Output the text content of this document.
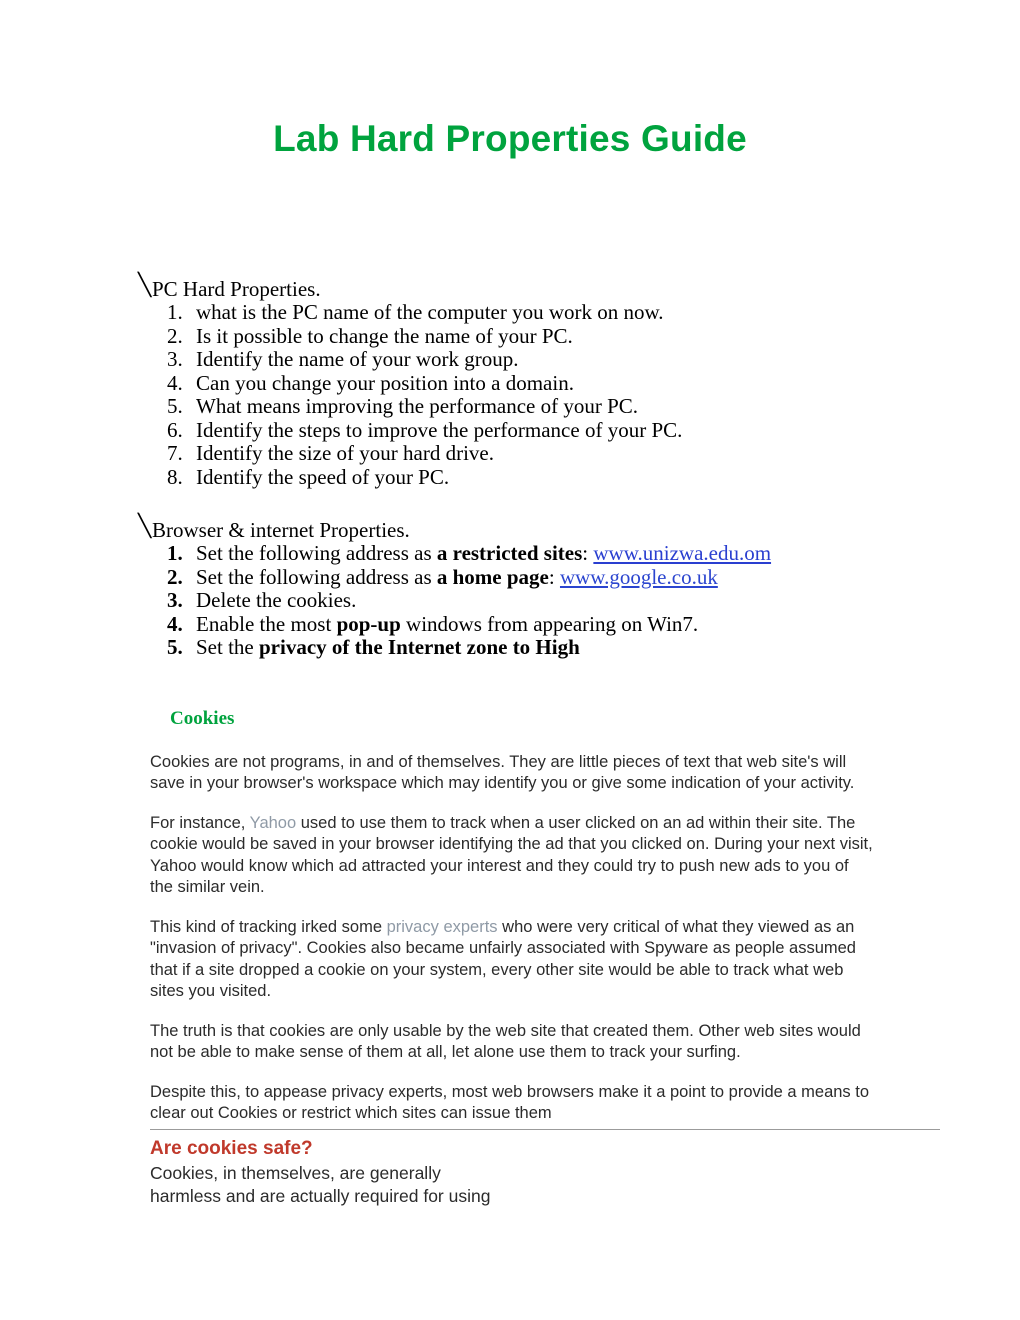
Lab Hard Properties Guide

╲ PC Hard Properties.

1. what is the PC name of the computer you work on now.
2. Is it possible to change the name of your PC.
3. Identify the name of your work group.
4. Can you change your position into a domain.
5. What means improving the performance of your PC.
6. Identify the steps to improve the performance of your PC.
7. Identify the size of your hard drive.
8. Identify the speed of your PC.

╲ Browser & internet Properties.

1. Set the following address as a restricted sites: www.unizwa.edu.om
2. Set the following address as a home page: www.google.co.uk
3. Delete the cookies.
4. Enable the most pop-up windows from appearing on Win7.
5. Set the privacy of the Internet zone to High
Cookies

Cookies are not programs, in and of themselves. They are little pieces of text that web site's will save in your browser's workspace which may identify you or give some indication of your activity.

For instance, Yahoo used to use them to track when a user clicked on an ad within their site. The cookie would be saved in your browser identifying the ad that you clicked on. During your next visit, Yahoo would know which ad attracted your interest and they could try to push new ads to you of the similar vein.

This kind of tracking irked some privacy experts who were very critical of what they viewed as an "invasion of privacy". Cookies also became unfairly associated with Spyware as people assumed that if a site dropped a cookie on your system, every other site would be able to track what web sites you visited.

The truth is that cookies are only usable by the web site that created them. Other web sites would not be able to make sense of them at all, let alone use them to track your surfing.

Despite this, to appease privacy experts, most web browsers make it a point to provide a means to clear out Cookies or restrict which sites can issue them

Are cookies safe?

Cookies, in themselves, are generally

harmless and are actually required for using
